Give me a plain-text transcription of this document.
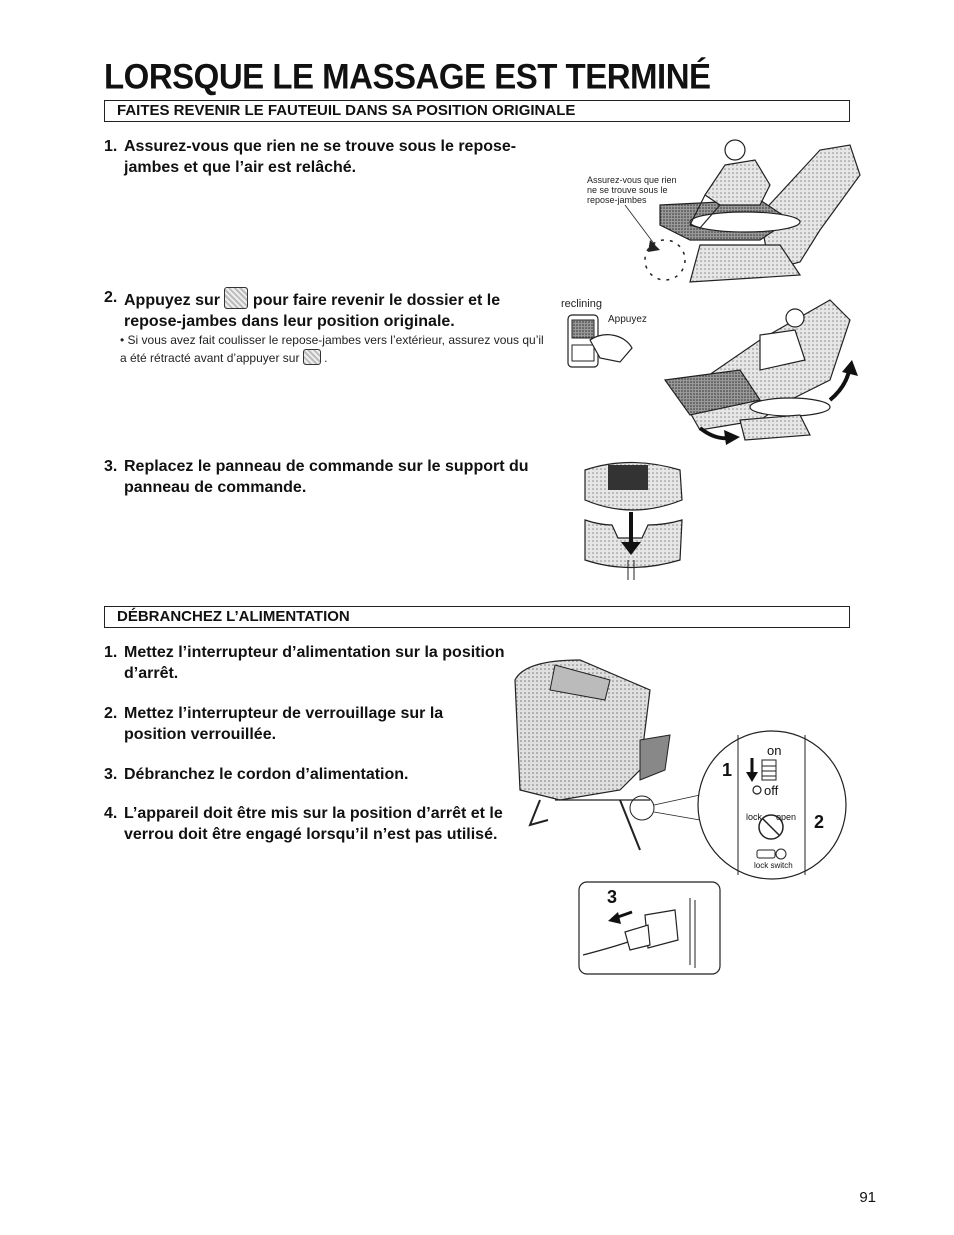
LORSQUE LE MASSAGE EST TERMINÉ
FAITES REVENIR LE FAUTEUIL DANS SA POSITION ORIGINALE
1. Assurez-vous que rien ne se trouve sous le repose-jambes et que l’air est relâché.
2. Appuyez sur pour faire revenir le dossier et le repose-jambes dans leur position originale.
• Si vous avez fait coulisser le repose-jambes vers l’extérieur, assurez vous qu’il a été rétracté avant d’appuyer sur .
3. Replacez le panneau de commande sur le support du panneau de commande.
Assurez-vous que rien ne se trouve sous le repose-jambes
reclining
Appuyez
DÉBRANCHEZ L’ALIMENTATION
1. Mettez l’interrupteur d’alimentation sur la position d’arrêt.
2. Mettez l’interrupteur de verrouillage sur la position verrouillée.
3. Débranchez le cordon d’alimentation.
4. L’appareil doit être mis sur la position d’arrêt et le verrou doit être engagé lorsqu’il n’est pas utilisé.
1
2
3
on
off
lock open
lock switch
91
